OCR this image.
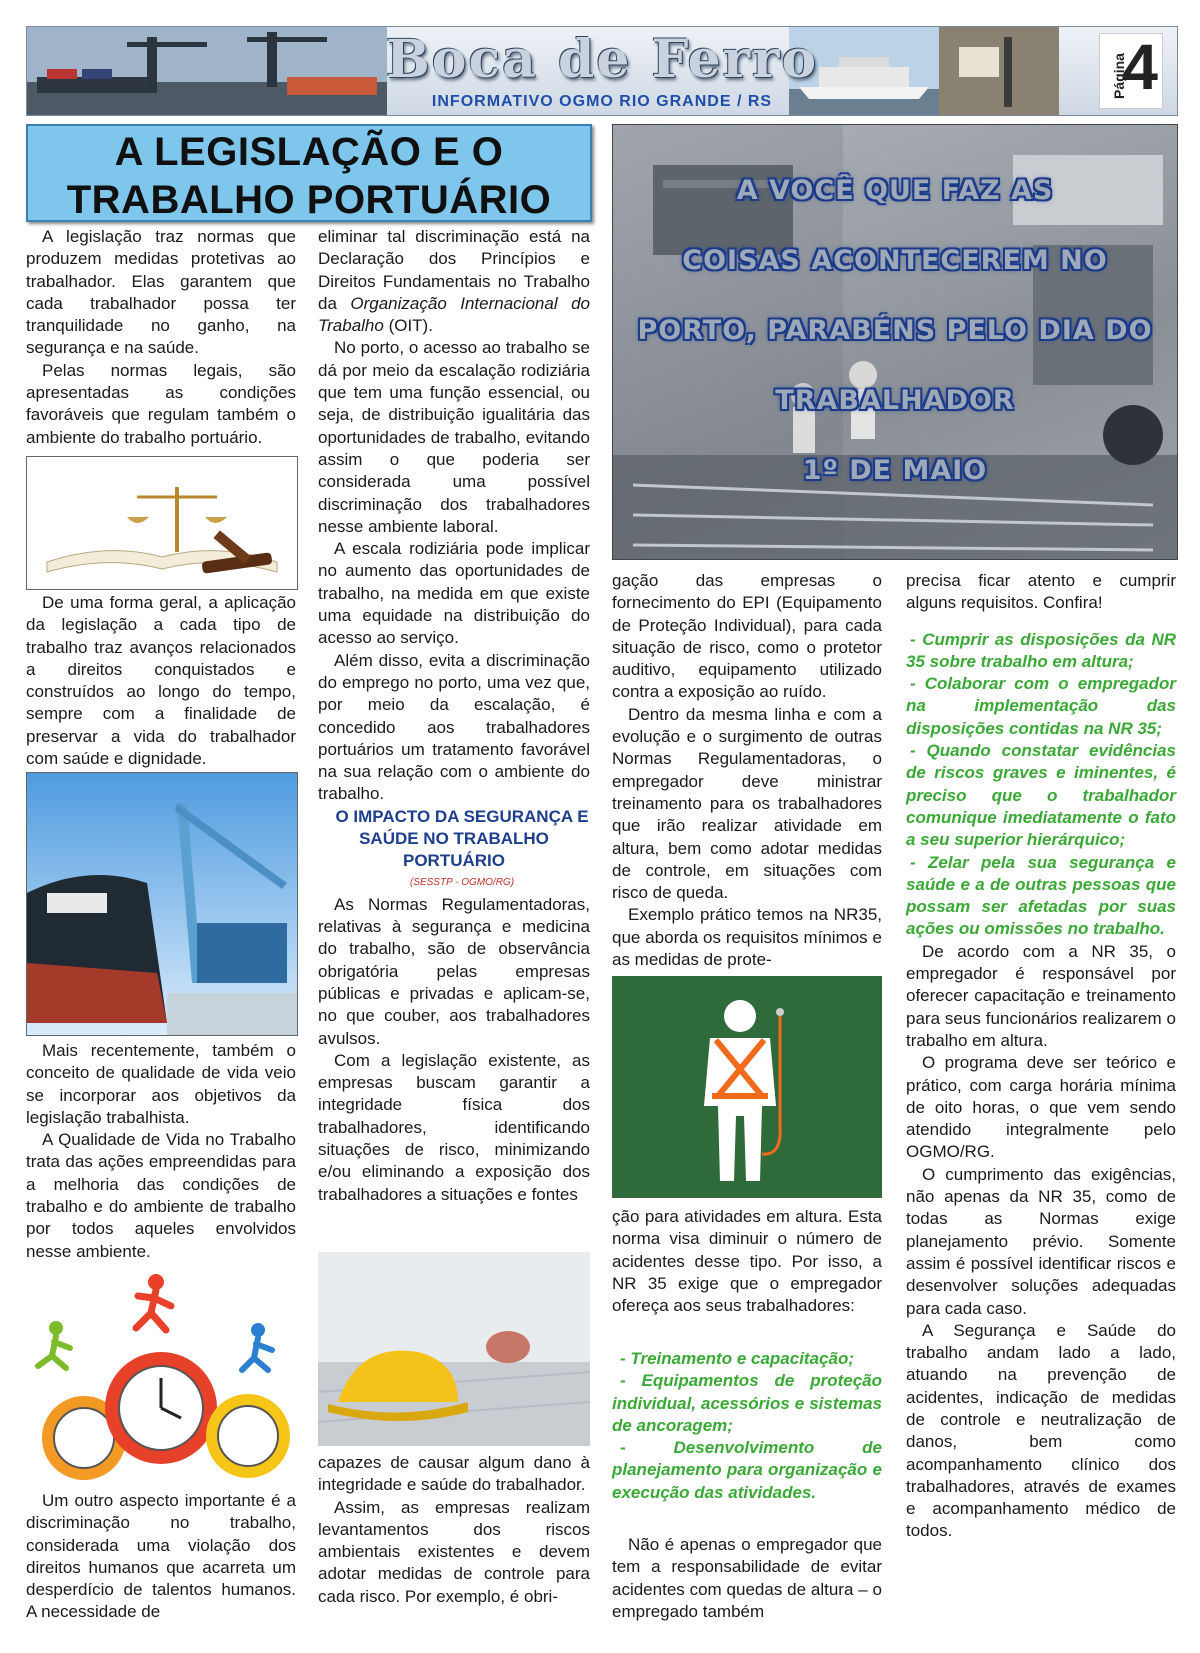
Boca de Ferro
INFORMATIVO OGMO RIO GRANDE / RS
Página
4
A LEGISLAÇÃO E O
TRABALHO PORTUÁRIO	A VOCÊ QUE FAZ AS
COISAS ACONTECEREM NO
PORTO, PARABÉNS PELO DIA DO
TRABALHADOR
1º DE MAIO

A legislação traz normas que produzem medidas protetivas ao trabalhador. Elas garantem que cada trabalhador possa ter tranquilidade no ganho, na segurança e na saúde.

Pelas normas legais, são apresentadas as condições favoráveis que regulam também o ambiente do trabalho portuário.

De uma forma geral, a aplicação da legislação a cada tipo de trabalho traz avanços relacionados a direitos conquistados e construídos ao longo do tempo, sempre com a finalidade de preservar a vida do trabalhador com saúde e dignidade.

Mais recentemente, também o conceito de qualidade de vida veio se incorporar aos objetivos da legislação trabalhista.

A Qualidade de Vida no Trabalho trata das ações empreendidas para a melhoria das condições de trabalho e do ambiente de trabalho por todos aqueles envolvidos nesse ambiente.

Um outro aspecto importante é a discriminação no trabalho, considerada uma violação dos direitos humanos que acarreta um desperdício de talentos humanos. A necessidade de

eliminar tal discriminação está na Declaração dos Princípios e Direitos Fundamentais no Trabalho da Organização Internacional do Trabalho (OIT).

No porto, o acesso ao trabalho se dá por meio da escalação rodiziária que tem uma função essencial, ou seja, de distribuição igualitária das oportunidades de trabalho, evitando assim o que poderia ser considerada uma possível discriminação dos trabalhadores nesse ambiente laboral.

A escala rodiziária pode implicar no aumento das oportunidades de trabalho, na medida em que existe uma equidade na distribuição do acesso ao serviço.

Além disso, evita a discriminação do emprego no porto, uma vez que, por meio da escalação, é concedido aos trabalhadores portuários um tratamento favorável na sua relação com o ambiente do trabalho.

O IMPACTO DA SEGURANÇA E SAÚDE NO TRABALHO PORTUÁRIO

(SESSTP - OGMO/RG)

As Normas Regulamentadoras, relativas à segurança e medicina do trabalho, são de observância obrigatória pelas empresas públicas e privadas e aplicam-se, no que couber, aos trabalhadores avulsos.

Com a legislação existente, as empresas buscam garantir a integridade física dos trabalhadores, identificando situações de risco, minimizando e/ou eliminando a exposição dos trabalhadores a situações e fontes

capazes de causar algum dano à integridade e saúde do trabalhador.

Assim, as empresas realizam levantamentos dos riscos ambientais existentes e devem adotar medidas de controle para cada risco. Por exemplo, é obri-

gação das empresas o fornecimento do EPI (Equipamento de Proteção Individual), para cada situação de risco, como o protetor auditivo, equipamento utilizado contra a exposição ao ruído.

Dentro da mesma linha e com a evolução e o surgimento de outras Normas Regulamentadoras, o empregador deve ministrar treinamento para os trabalhadores que irão realizar atividade em altura, bem como adotar medidas de controle, em situações com risco de queda.

Exemplo prático temos na NR35, que aborda os requisitos mínimos e as medidas de prote-

ção para atividades em altura. Esta norma visa diminuir o número de acidentes desse tipo. Por isso, a NR 35 exige que o empregador ofereça aos seus trabalhadores:

- Treinamento e capacitação;

- Equipamentos de proteção individual, acessórios e sistemas de ancoragem;

- Desenvolvimento de planejamento para organização e execução das atividades.

Não é apenas o empregador que tem a responsabilidade de evitar acidentes com quedas de altura – o empregado também

precisa ficar atento e cumprir alguns requisitos. Confira!

- Cumprir as disposições da NR 35 sobre trabalho em altura;

- Colaborar com o empregador na implementação das disposições contidas na NR 35;

- Quando constatar evidências de riscos graves e iminentes, é preciso que o trabalhador comunique imediatamente o fato a seu superior hierárquico;

- Zelar pela sua segurança e saúde e a de outras pessoas que possam ser afetadas por suas ações ou omissões no trabalho.

De acordo com a NR 35, o empregador é responsável por oferecer capacitação e treinamento para seus funcionários realizarem o trabalho em altura.

O programa deve ser teórico e prático, com carga horária mínima de oito horas, o que vem sendo atendido integralmente pelo OGMO/RG.

O cumprimento das exigências, não apenas da NR 35, como de todas as Normas exige planejamento prévio. Somente assim é possível identificar riscos e desenvolver soluções adequadas para cada caso.

A Segurança e Saúde do trabalho andam lado a lado, atuando na prevenção de acidentes, indicação de medidas de controle e neutralização de danos, bem como acompanhamento clínico dos trabalhadores, através de exames e acompanhamento médico de todos.
